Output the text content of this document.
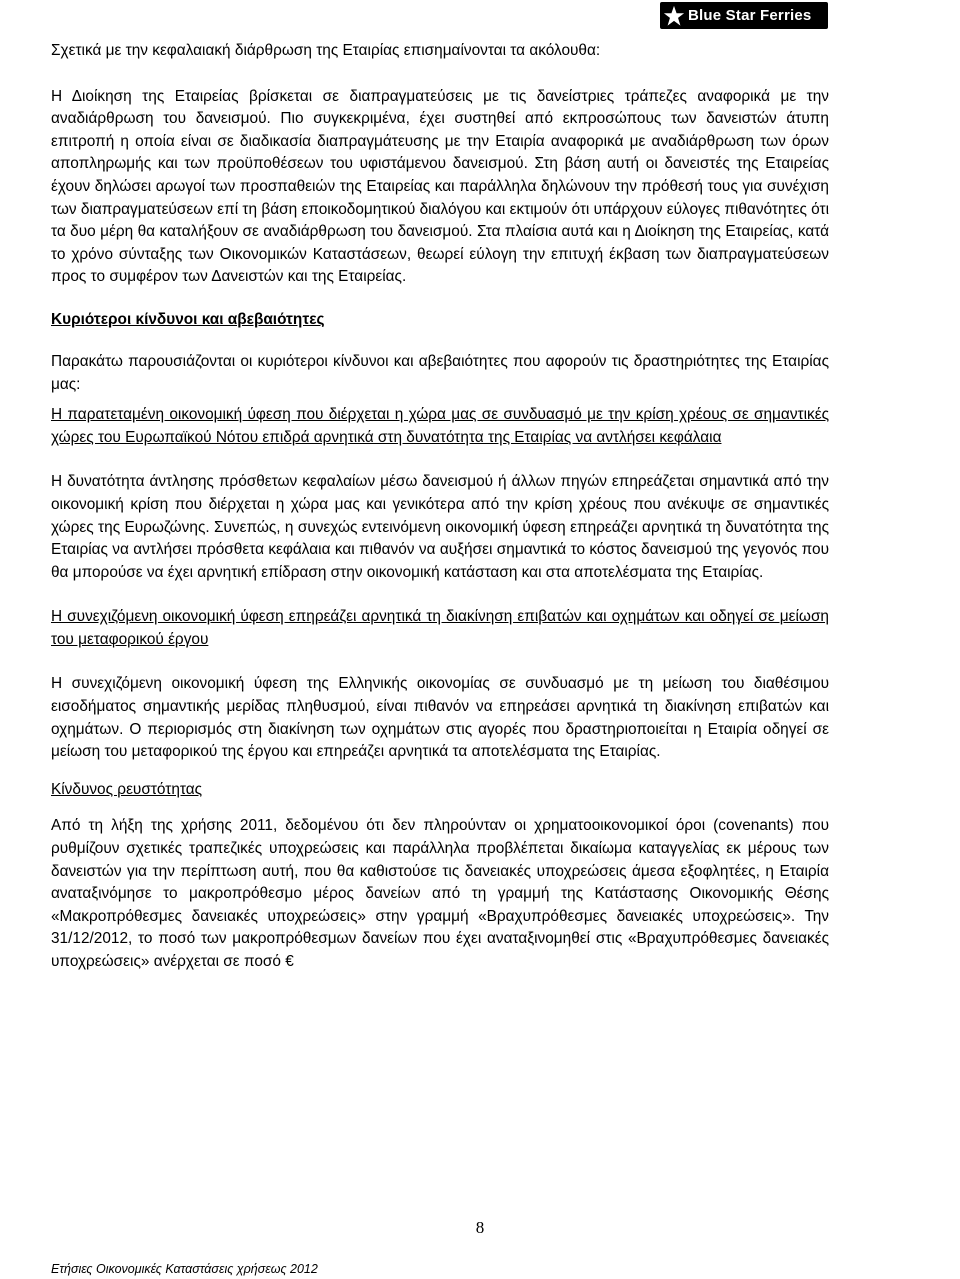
Blue Star Ferries

Σχετικά με την κεφαλαιακή διάρθρωση της Εταιρίας επισημαίνονται τα ακόλουθα:

Η Διοίκηση της Εταιρείας βρίσκεται σε διαπραγματεύσεις με τις δανείστριες τράπεζες αναφορικά με την αναδιάρθρωση του δανεισμού. Πιο συγκεκριμένα, έχει συστηθεί από εκπροσώπους των δανειστών άτυπη επιτροπή η οποία είναι σε διαδικασία διαπραγμάτευσης με την Εταιρία αναφορικά με αναδιάρθρωση των όρων αποπληρωμής και των προϋποθέσεων του υφιστάμενου δανεισμού. Στη βάση αυτή οι δανειστές της Εταιρείας έχουν δηλώσει αρωγοί των προσπαθειών της Εταιρείας και παράλληλα δηλώνουν την πρόθεσή τους για συνέχιση των διαπραγματεύσεων επί τη βάση εποικοδομητικού διαλόγου και εκτιμούν ότι υπάρχουν εύλογες πιθανότητες ότι τα δυο μέρη θα καταλήξουν σε αναδιάρθρωση του δανεισμού. Στα πλαίσια αυτά και η Διοίκηση της Εταιρείας, κατά το χρόνο σύνταξης των Οικονομικών Καταστάσεων, θεωρεί εύλογη την επιτυχή έκβαση των διαπραγματεύσεων προς το συμφέρον των Δανειστών και της Εταιρείας.

Κυριότεροι κίνδυνοι και αβεβαιότητες

Παρακάτω παρουσιάζονται οι κυριότεροι κίνδυνοι και αβεβαιότητες που αφορούν τις δραστηριότητες της Εταιρίας μας:

Η παρατεταμένη οικονομική ύφεση που διέρχεται η χώρα μας σε συνδυασμό με την κρίση χρέους σε σημαντικές χώρες του Ευρωπαϊκού Νότου επιδρά αρνητικά στη δυνατότητα της Εταιρίας να αντλήσει κεφάλαια

Η δυνατότητα άντλησης πρόσθετων κεφαλαίων μέσω δανεισμού ή άλλων πηγών επηρεάζεται σημαντικά από την οικονομική κρίση που διέρχεται η χώρα μας και γενικότερα από την κρίση χρέους που ανέκυψε σε σημαντικές χώρες της Ευρωζώνης. Συνεπώς, η συνεχώς εντεινόμενη οικονομική ύφεση επηρεάζει αρνητικά τη δυνατότητα της Εταιρίας να αντλήσει πρόσθετα κεφάλαια και πιθανόν να αυξήσει σημαντικά το κόστος δανεισμού της γεγονός που θα μπορούσε να έχει αρνητική επίδραση στην οικονομική κατάσταση και στα αποτελέσματα της Εταιρίας.

Η συνεχιζόμενη οικονομική ύφεση επηρεάζει αρνητικά τη διακίνηση επιβατών και οχημάτων και οδηγεί σε μείωση του μεταφορικού έργου

Η συνεχιζόμενη οικονομική ύφεση της Ελληνικής οικονομίας σε συνδυασμό με τη μείωση του διαθέσιμου εισοδήματος σημαντικής μερίδας πληθυσμού, είναι πιθανόν να επηρεάσει αρνητικά τη διακίνηση επιβατών και οχημάτων. Ο περιορισμός στη διακίνηση των οχημάτων στις αγορές που δραστηριοποιείται η Εταιρία οδηγεί σε μείωση του μεταφορικού της έργου και επηρεάζει αρνητικά τα αποτελέσματα της Εταιρίας.

Κίνδυνος ρευστότητας

Από τη λήξη της χρήσης 2011, δεδομένου ότι δεν πληρούνταν οι χρηματοοικονομικοί όροι (covenants) που ρυθμίζουν σχετικές τραπεζικές υποχρεώσεις και παράλληλα προβλέπεται δικαίωμα καταγγελίας εκ μέρους των δανειστών για την περίπτωση αυτή, που θα καθιστούσε τις δανειακές υποχρεώσεις άμεσα εξοφλητέες, η Εταιρία αναταξινόμησε το μακροπρόθεσμο μέρος δανείων από τη γραμμή της Κατάστασης Οικονομικής Θέσης «Μακροπρόθεσμες δανειακές υποχρεώσεις» στην γραμμή «Βραχυπρόθεσμες δανειακές υποχρεώσεις». Την 31/12/2012, το ποσό των μακροπρόθεσμων δανείων που έχει αναταξινομηθεί στις «Βραχυπρόθεσμες δανειακές υποχρεώσεις» ανέρχεται σε ποσό €

8
Ετήσιες Οικονομικές Καταστάσεις χρήσεως 2012
